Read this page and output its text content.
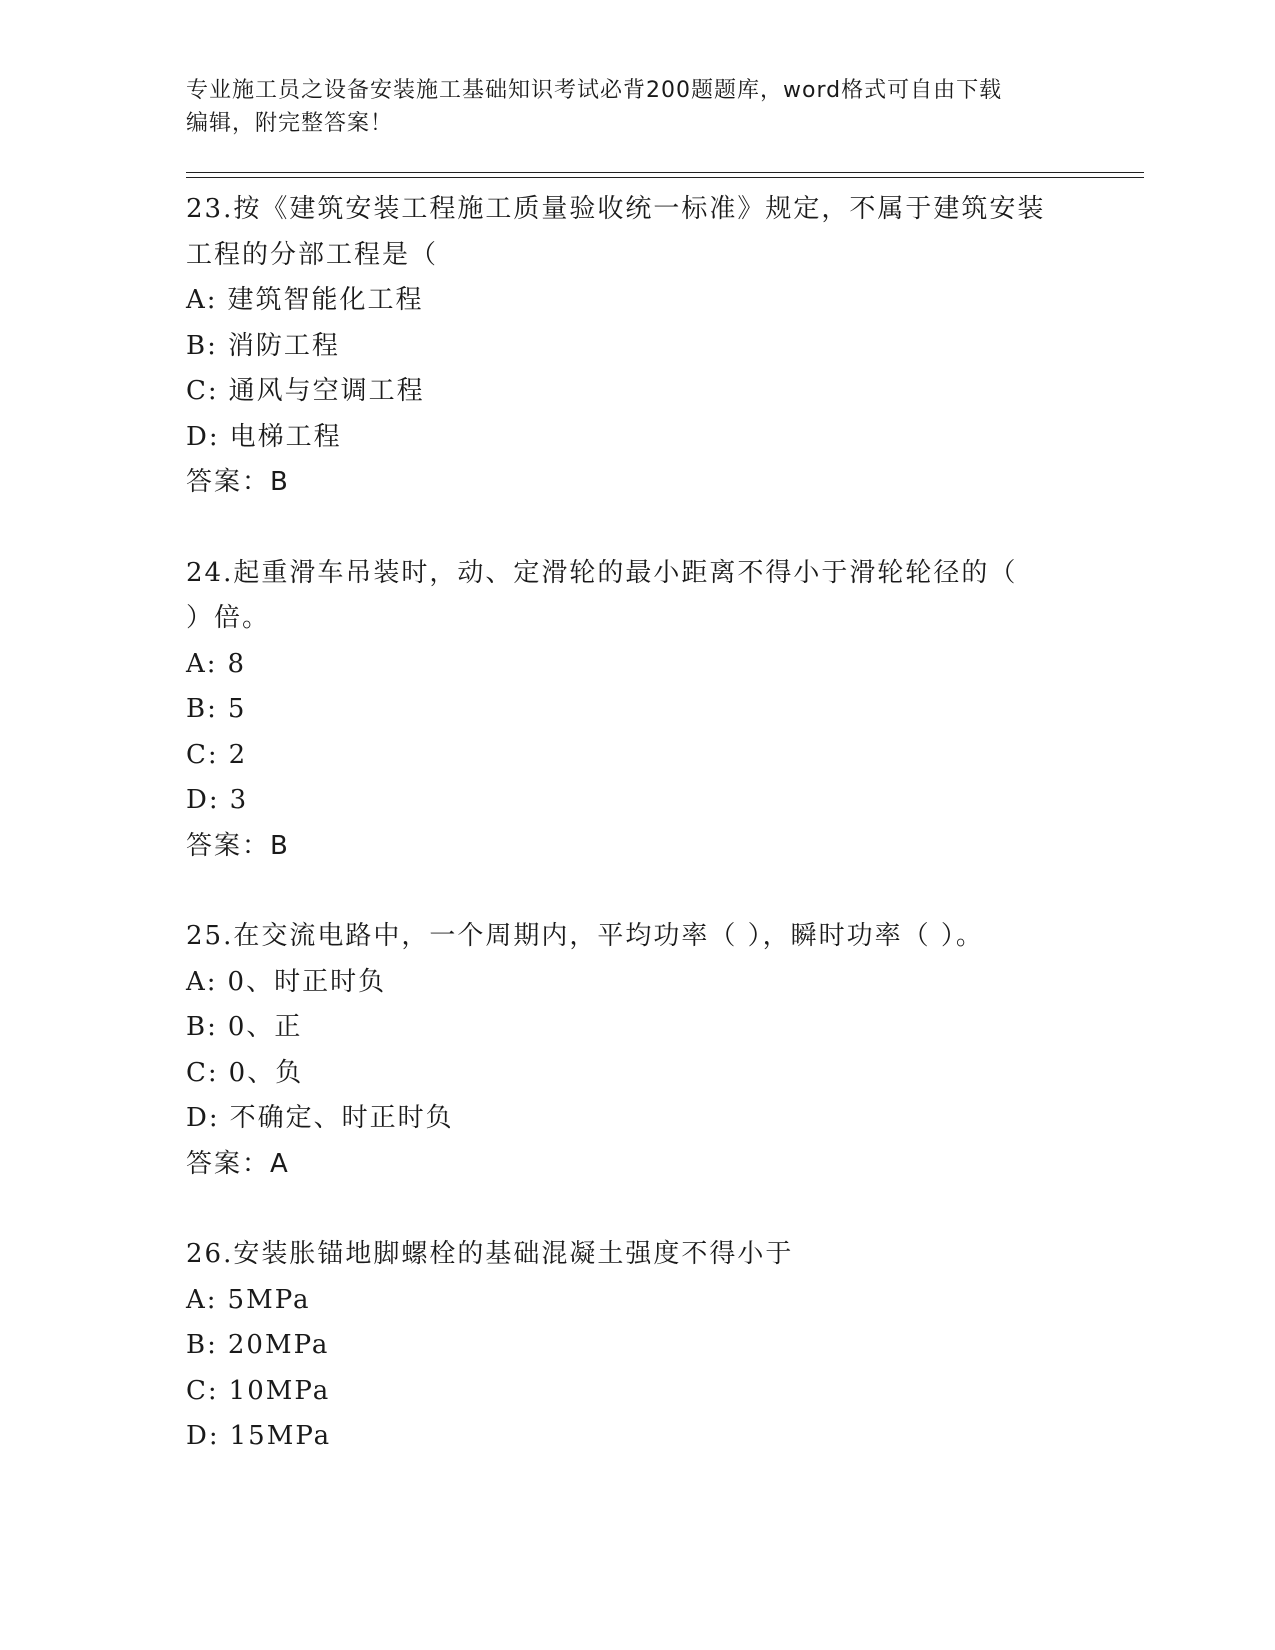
专业施工员之设备安装施工基础知识考试必背200题题库，word格式可自由下载
编辑，附完整答案！
23.按《建筑安装工程施工质量验收统一标准》规定，不属于建筑安装
工程的分部工程是（
A: 建筑智能化工程
B: 消防工程
C: 通风与空调工程
D: 电梯工程
答案：B
24.起重滑车吊装时，动、定滑轮的最小距离不得小于滑轮轮径的（
）倍。
A: 8
B: 5
C: 2
D: 3
答案：B
25.在交流电路中，一个周期内，平均功率（ ），瞬时功率（ ）。
A: 0、时正时负
B: 0、正
C: 0、负
D: 不确定、时正时负
答案：A
26.安装胀锚地脚螺栓的基础混凝土强度不得小于
A: 5MPa
B: 20MPa
C: 10MPa
D: 15MPa
